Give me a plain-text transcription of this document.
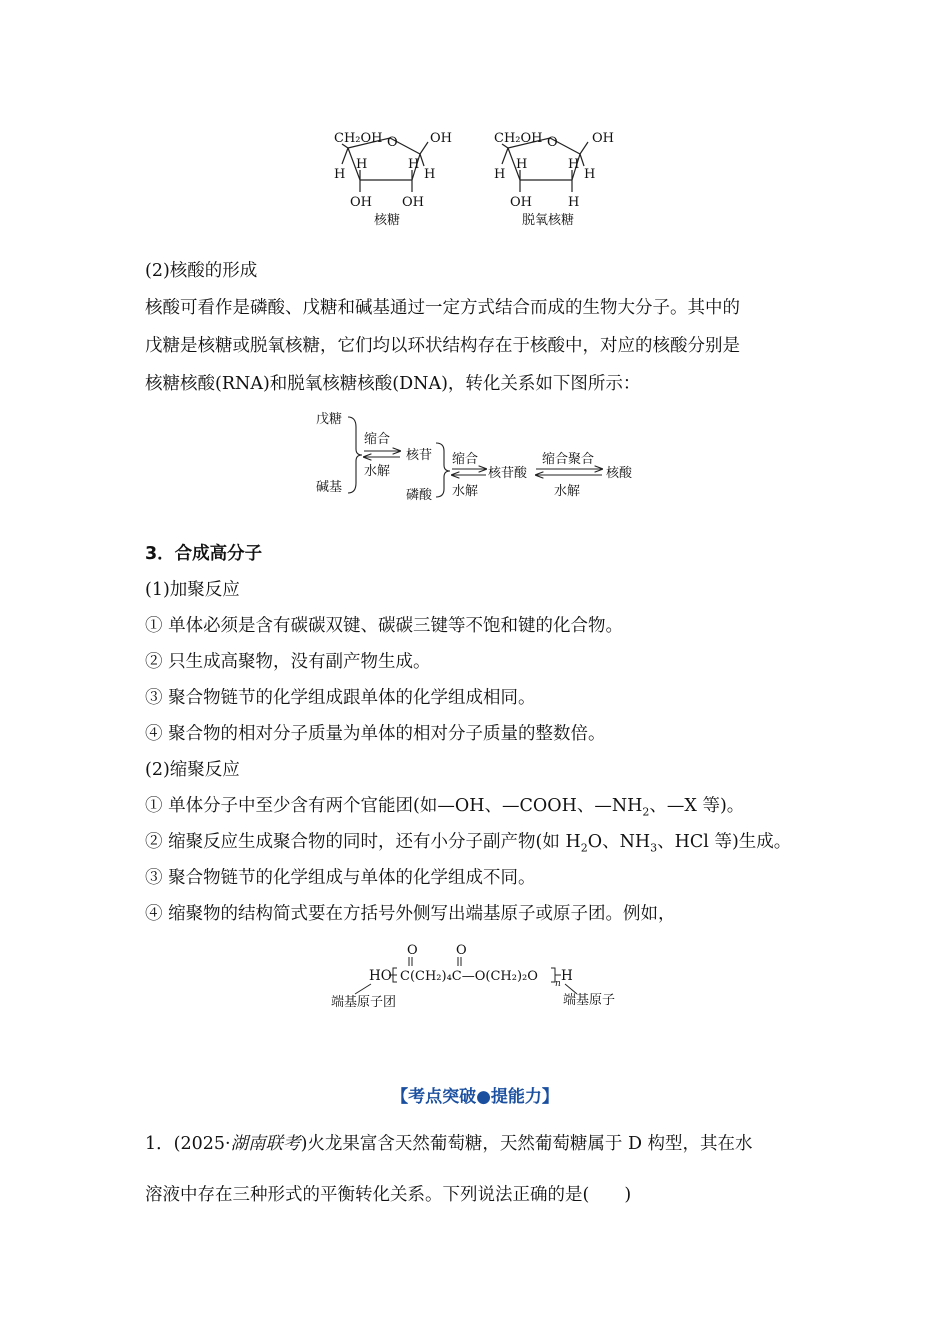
CH₂OH O OH
H
H
H
H
OH OH
核糖
CH₂OH O	OH
H
H
H
H
OH	H
脱氧核糖
(2)核酸的形成
核酸可看作是磷酸、戊糖和碱基通过一定方式结合而成的生物大分子。其中的
戊糖是核糖或脱氧核糖，它们均以环状结构存在于核酸中，对应的核酸分别是
核糖核酸(RNA)和脱氧核糖核酸(DNA)，转化关系如下图所示：
戊糖
碱基
缩合
水解
核苷
磷酸
缩合
水解
核苷酸
缩合聚合
水解
核酸
3．合成高分子
(1)加聚反应
① 单体必须是含有碳碳双键、碳碳三键等不饱和键的化合物。
② 只生成高聚物，没有副产物生成。
③ 聚合物链节的化学组成跟单体的化学组成相同。
④ 聚合物的相对分子质量为单体的相对分子质量的整数倍。
(2)缩聚反应
① 单体分子中至少含有两个官能团(如—OH、—COOH、$—NH_2$、—X 等)。
② 缩聚反应生成聚合物的同时，还有小分子副产物(如 $H_2O$、$NH_3$、HCl 等)生成。
③ 聚合物链节的化学组成与单体的化学组成不同。
④ 缩聚物的结构简式要在方括号外侧写出端基原子或原子团。例如，
O	O
HO C(CH₂)₄C—O(CH₂)₂O n H
端基原子团	端基原子
【考点突破●提能力】
1．(2025·湖南联考)火龙果富含天然葡萄糖，天然葡萄糖属于 D 构型，其在水
溶液中存在三种形式的平衡转化关系。下列说法正确的是(　　)
